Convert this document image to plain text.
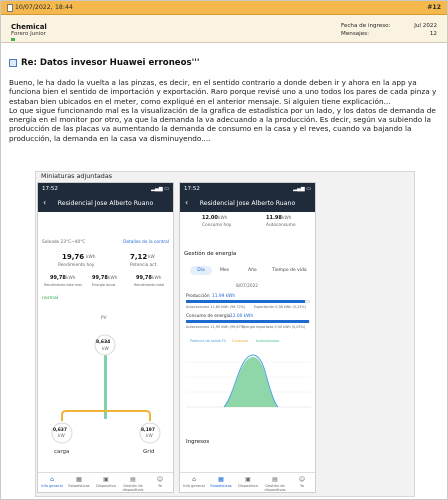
10/07/2022, 18:44	#12
Chemical
Forero Junior
Fecha de ingreso:	Jul 2022
Mensajes:	12
Re: Datos invesor Huawei erroneos'''

Bueno, le ha dado la vuelta a las pinzas, es decir, en el sentido contrario a donde deben ir y ahora en la app ya funciona bien el sentido de importación y exportación. Raro porque revisé uno a uno todos los pares de cada pinza y estaban bien ubicados en el meter, como expliqué en el anterior mensaje. Si alguien tiene explicación...

Lo que sigue funcionando mal es la visualización de la grafica de estadística por un lado, y los datos de demanda de energía en el monitor por otro, ya que la demanda la va adecuando a la producción. Es decir, según va subiendo la producción de las placas va aumentando la demanda de consumo en la casa y el reves, cuando va bajando la producción, la demanda en la casa va disminuyendo....

Miniaturas adjuntadas
17:52	▂▄▆ ▭
‹	Residencial Jose Alberto Ruano
Soleado 23°C~40°C	Detalles de la central
19,76 kWh
Rendimiento hoy
7,12 kW
Potencia act
99,78 kWh
Rendimiento este mes
99,78 kWh
Energía anual
99,78 kWh
Rendimiento total
normal
PV
8,634
kW
0,637
kW
8,197
kW
carga	Grid
⌂
Info general
▦
Estadísticas
▣
Dispositivo
▤
Gestión de dispositivos
☺
Yo
17:52	▂▄▆ ▭
‹	Residencial Jose Alberto Ruano
12.00 kWh
Consumo hoy
11.98 kWh
Autoconsumo
Gestión de energía
Día	Mes	Año	Tiempo de vida
8/07/2022
Producción 11.99 kWh
Autoconsumo 11,60 kWh (96,72%)	Exportación 0,38 kWh (3,23%)
Consumo de energía 12.00 kWh
Autoconsumo 11,90 kWh (99,67%)
Energía importada 0,00 kWh (0,03%)
Potencia de salida FV Consumo Autoconsumo
Ingresos
⌂
Info general
▦
Estadísticas
▣
Dispositivo
▤
Gestión de dispositivos
☺
Yo
